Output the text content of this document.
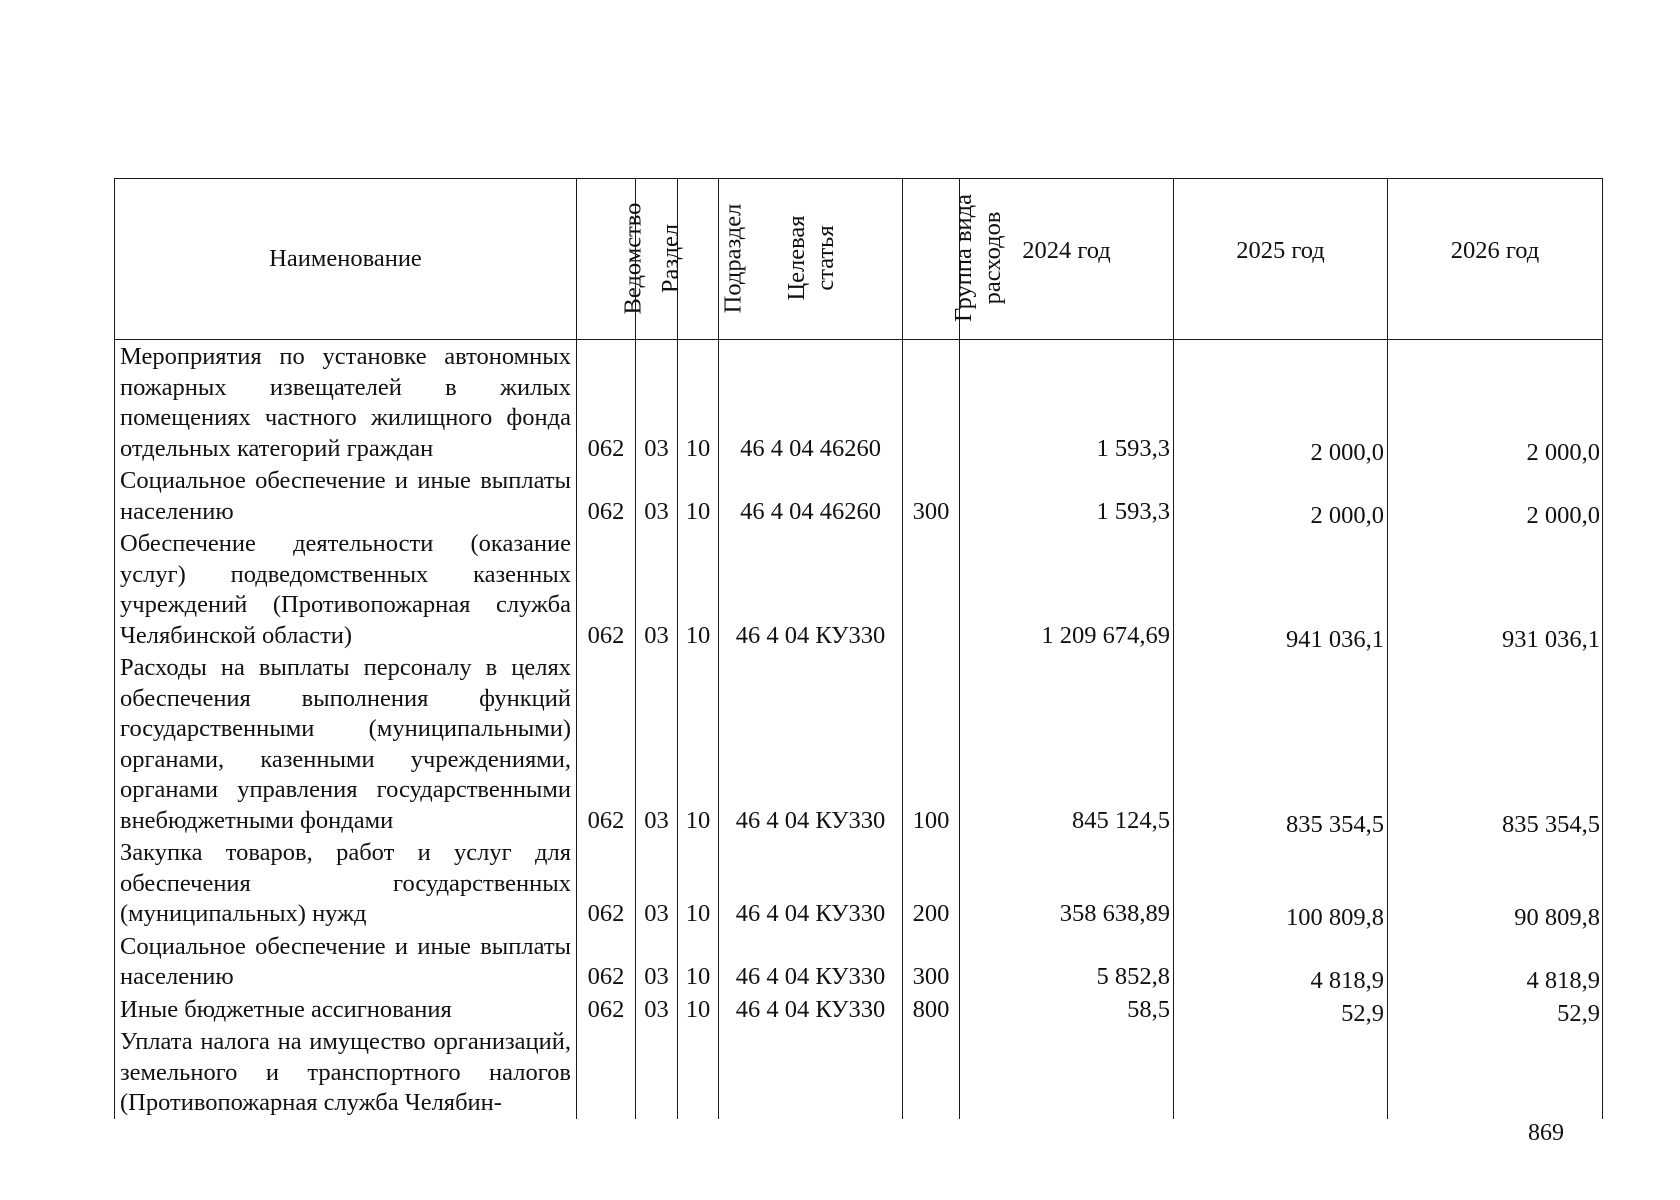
Наименование	Ведомство	Раздел	Подраздел	Целевая
статья	Группа вида
расходов	2024 год	2025 год	2026 год

Мероприятия по установке автономных пожарных извещателей в жилых помещениях частного жилищного фонда отдельных категорий граждан	062	03	10	46 4 04 46260		1 593,3	2 000,0	2 000,0
Социальное обеспечение и иные выплаты населению	062	03	10	46 4 04 46260	300	1 593,3	2 000,0	2 000,0
Обеспечение деятельности (оказание услуг) подведомственных казенных учреждений (Противопожарная служба Челябинской области)	062	03	10	46 4 04 КУ330		1 209 674,69	941 036,1	931 036,1
Расходы на выплаты персоналу в целях обеспечения выполнения функций государственными (муниципальными) органами, казенными учреждениями, органами управления государственными внебюджетными фондами	062	03	10	46 4 04 КУ330	100	845 124,5	835 354,5	835 354,5
Закупка товаров, работ и услуг для обеспечения государственных (муниципальных) нужд	062	03	10	46 4 04 КУ330	200	358 638,89	100 809,8	90 809,8
Социальное обеспечение и иные выплаты населению	062	03	10	46 4 04 КУ330	300	5 852,8	4 818,9	4 818,9
Иные бюджетные ассигнования	062	03	10	46 4 04 КУ330	800	58,5	52,9	52,9
Уплата налога на имущество организаций, земельного и транспортного налогов (Противопожарная служба Челябин-								
869
